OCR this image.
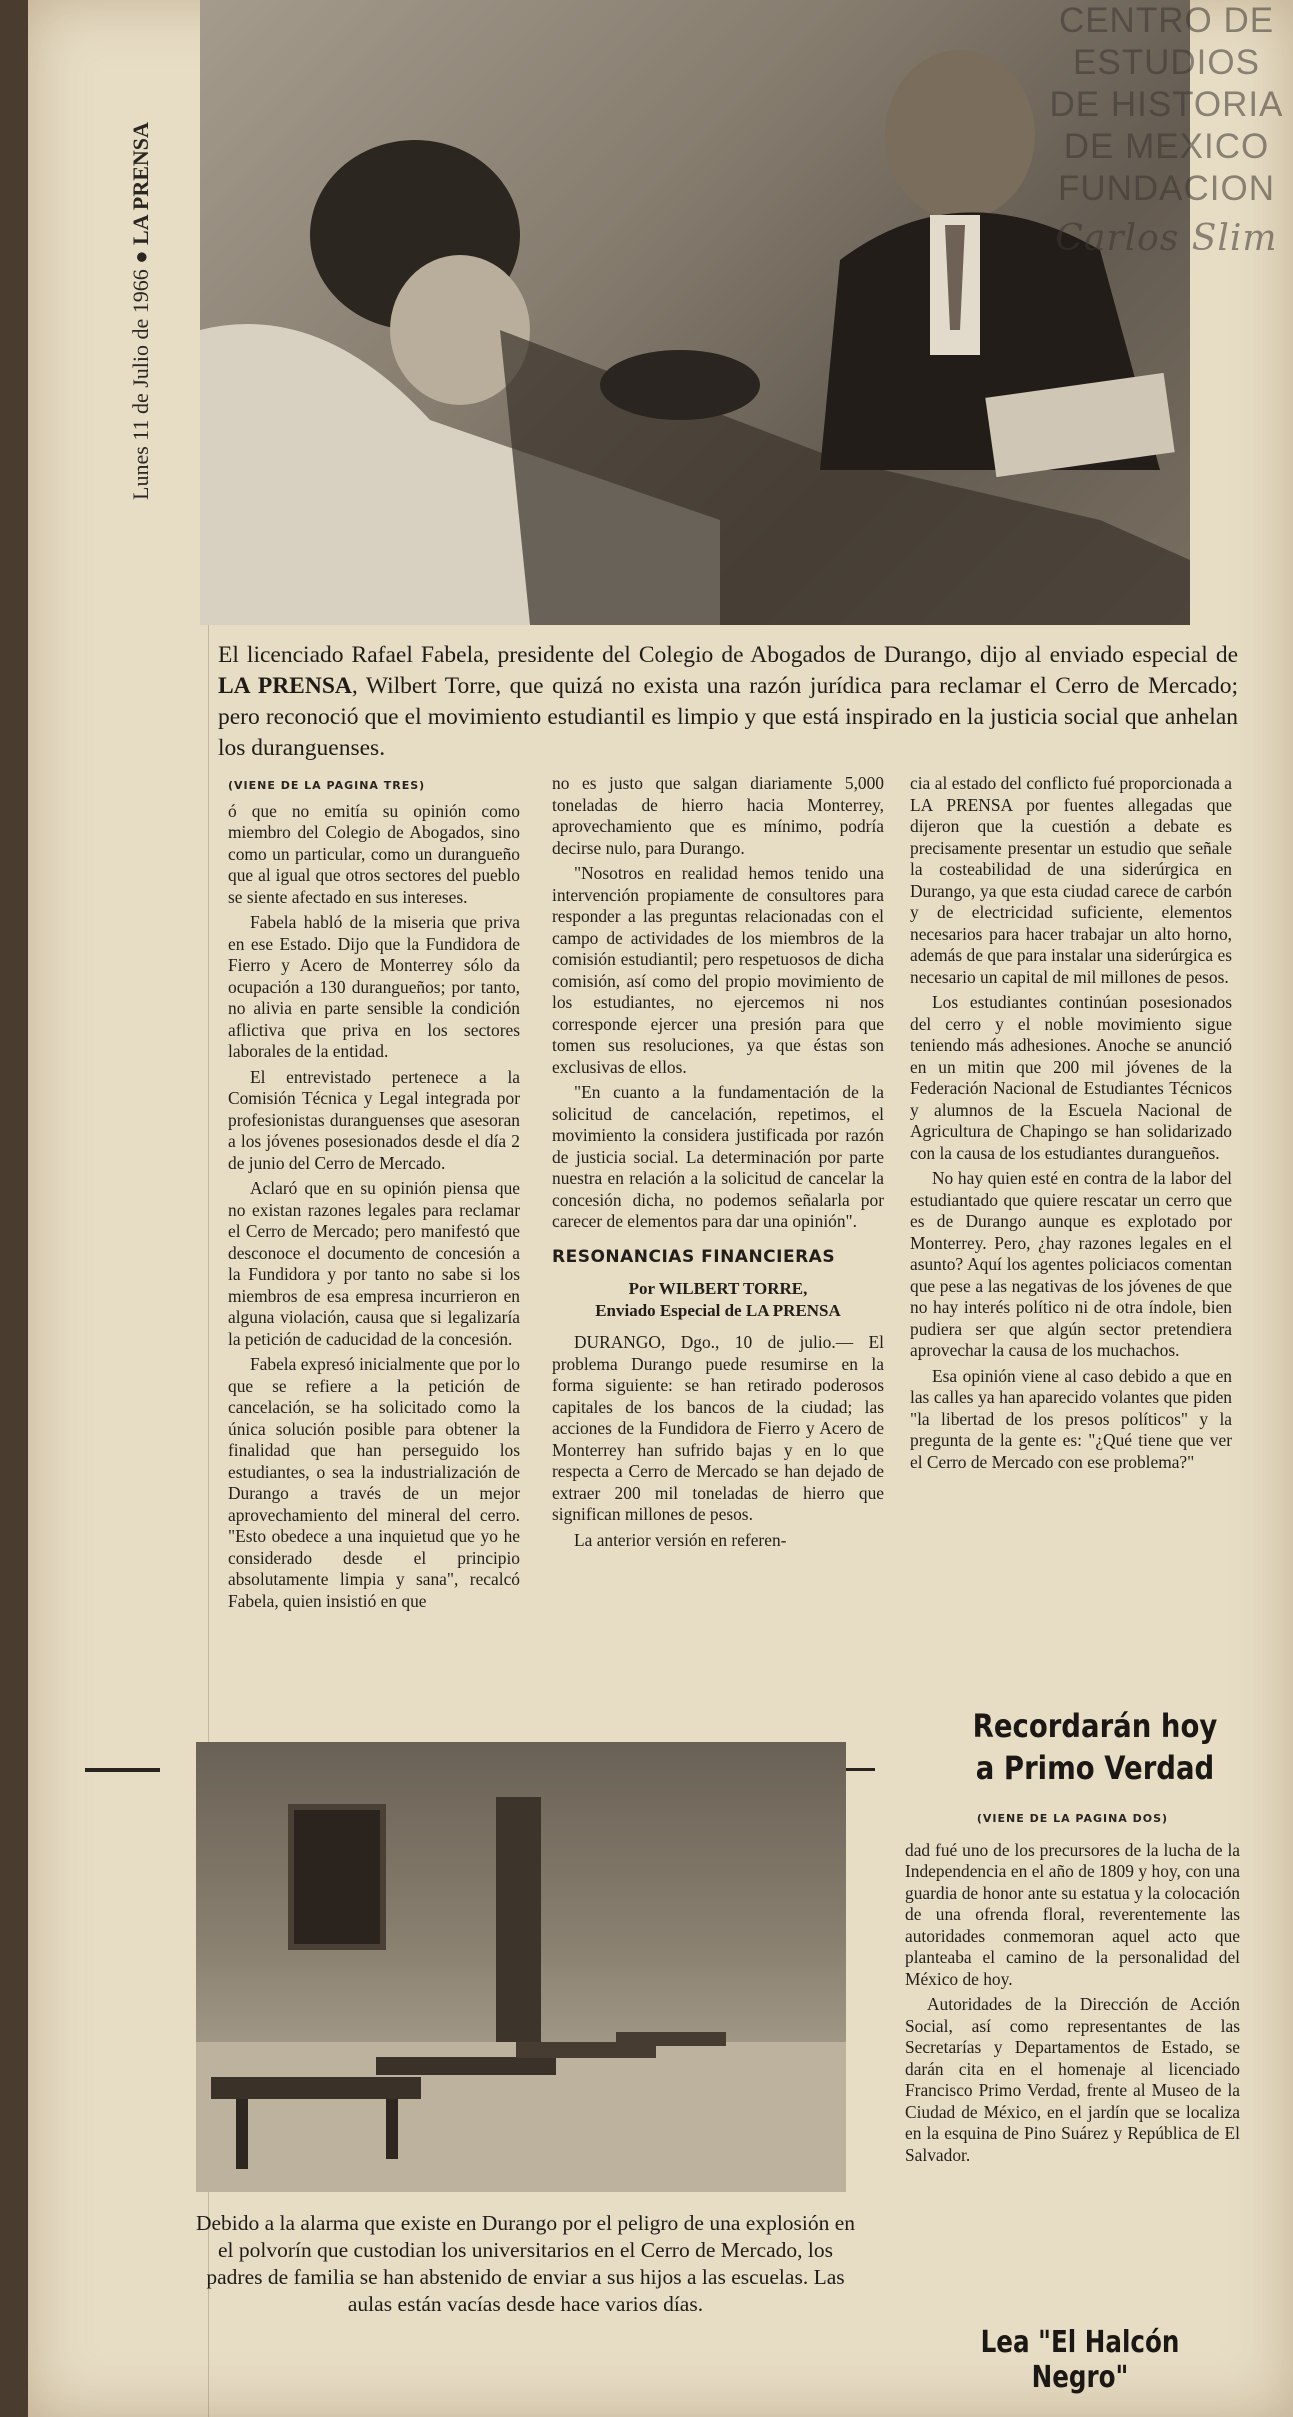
Lunes 11 de Julio de 1966 ● LA PRENSA
CENTRO DE
ESTUDIOS
DE HISTORIA
DE MEXICO
FUNDACION
Carlos Slim
El licenciado Rafael Fabela, presidente del Colegio de Abogados de Durango, dijo al enviado especial de LA PRENSA, Wilbert Torre, que quizá no exista una razón jurídica para reclamar el Cerro de Mercado; pero reconoció que el movimiento estudiantil es limpio y que está inspirado en la justicia social que anhelan los duranguenses.

(VIENE DE LA PAGINA TRES)

ó que no emitía su opinión como miembro del Colegio de Abogados, sino como un particular, como un durangueño que al igual que otros sectores del pueblo se siente afectado en sus intereses.

Fabela habló de la miseria que priva en ese Estado. Dijo que la Fundidora de Fierro y Acero de Monterrey sólo da ocupación a 130 durangueños; por tanto, no alivia en parte sensible la condición aflictiva que priva en los sectores laborales de la entidad.

El entrevistado pertenece a la Comisión Técnica y Legal integrada por profesionistas duranguenses que asesoran a los jóvenes posesionados desde el día 2 de junio del Cerro de Mercado.

Aclaró que en su opinión piensa que no existan razones legales para reclamar el Cerro de Mercado; pero manifestó que desconoce el documento de concesión a la Fundidora y por tanto no sabe si los miembros de esa empresa incurrieron en alguna violación, causa que si legalizaría la petición de caducidad de la concesión.

Fabela expresó inicialmente que por lo que se refiere a la petición de cancelación, se ha solicitado como la única solución posible para obtener la finalidad que han perseguido los estudiantes, o sea la industrialización de Durango a través de un mejor aprovechamiento del mineral del cerro. "Esto obedece a una inquietud que yo he considerado desde el principio absolutamente limpia y sana", recalcó Fabela, quien insistió en que

no es justo que salgan diariamente 5,000 toneladas de hierro hacia Monterrey, aprovechamiento que es mínimo, podría decirse nulo, para Durango.

"Nosotros en realidad hemos tenido una intervención propiamente de consultores para responder a las preguntas relacionadas con el campo de actividades de los miembros de la comisión estudiantil; pero respetuosos de dicha comisión, así como del propio movimiento de los estudiantes, no ejercemos ni nos corresponde ejercer una presión para que tomen sus resoluciones, ya que éstas son exclusivas de ellos.

"En cuanto a la fundamentación de la solicitud de cancelación, repetimos, el movimiento la considera justificada por razón de justicia social. La determinación por parte nuestra en relación a la solicitud de cancelar la concesión dicha, no podemos señalarla por carecer de elementos para dar una opinión".

RESONANCIAS FINANCIERAS
Por WILBERT TORRE,
Enviado Especial de LA PRENSA

DURANGO, Dgo., 10 de julio.— El problema Durango puede resumirse en la forma siguiente: se han retirado poderosos capitales de los bancos de la ciudad; las acciones de la Fundidora de Fierro y Acero de Monterrey han sufrido bajas y en lo que respecta a Cerro de Mercado se han dejado de extraer 200 mil toneladas de hierro que significan millones de pesos.

La anterior versión en referen-

cia al estado del conflicto fué proporcionada a LA PRENSA por fuentes allegadas que dijeron que la cuestión a debate es precisamente presentar un estudio que señale la costeabilidad de una siderúrgica en Durango, ya que esta ciudad carece de carbón y de electricidad suficiente, elementos necesarios para hacer trabajar un alto horno, además de que para instalar una siderúrgica es necesario un capital de mil millones de pesos.

Los estudiantes continúan posesionados del cerro y el noble movimiento sigue teniendo más adhesiones. Anoche se anunció en un mitin que 200 mil jóvenes de la Federación Nacional de Estudiantes Técnicos y alumnos de la Escuela Nacional de Agricultura de Chapingo se han solidarizado con la causa de los estudiantes durangueños.

No hay quien esté en contra de la labor del estudiantado que quiere rescatar un cerro que es de Durango aunque es explotado por Monterrey. Pero, ¿hay razones legales en el asunto? Aquí los agentes policiacos comentan que pese a las negativas de los jóvenes de que no hay interés político ni de otra índole, bien pudiera ser que algún sector pretendiera aprovechar la causa de los muchachos.

Esa opinión viene al caso debido a que en las calles ya han aparecido volantes que piden "la libertad de los presos políticos" y la pregunta de la gente es: "¿Qué tiene que ver el Cerro de Mercado con ese problema?"

Debido a la alarma que existe en Durango por el peligro de una explosión en el polvorín que custodian los universitarios en el Cerro de Mercado, los padres de familia se han abstenido de enviar a sus hijos a las escuelas. Las aulas están vacías desde hace varios días.
Recordarán hoy
a Primo Verdad
(VIENE DE LA PAGINA DOS)

dad fué uno de los precursores de la lucha de la Independencia en el año de 1809 y hoy, con una guardia de honor ante su estatua y la colocación de una ofrenda floral, reverentemente las autoridades conmemoran aquel acto que planteaba el camino de la personalidad del México de hoy.

Autoridades de la Dirección de Acción Social, así como representantes de las Secretarías y Departamentos de Estado, se darán cita en el homenaje al licenciado Francisco Primo Verdad, frente al Museo de la Ciudad de México, en el jardín que se localiza en la esquina de Pino Suárez y República de El Salvador.

Lea "El Halcón Negro"
